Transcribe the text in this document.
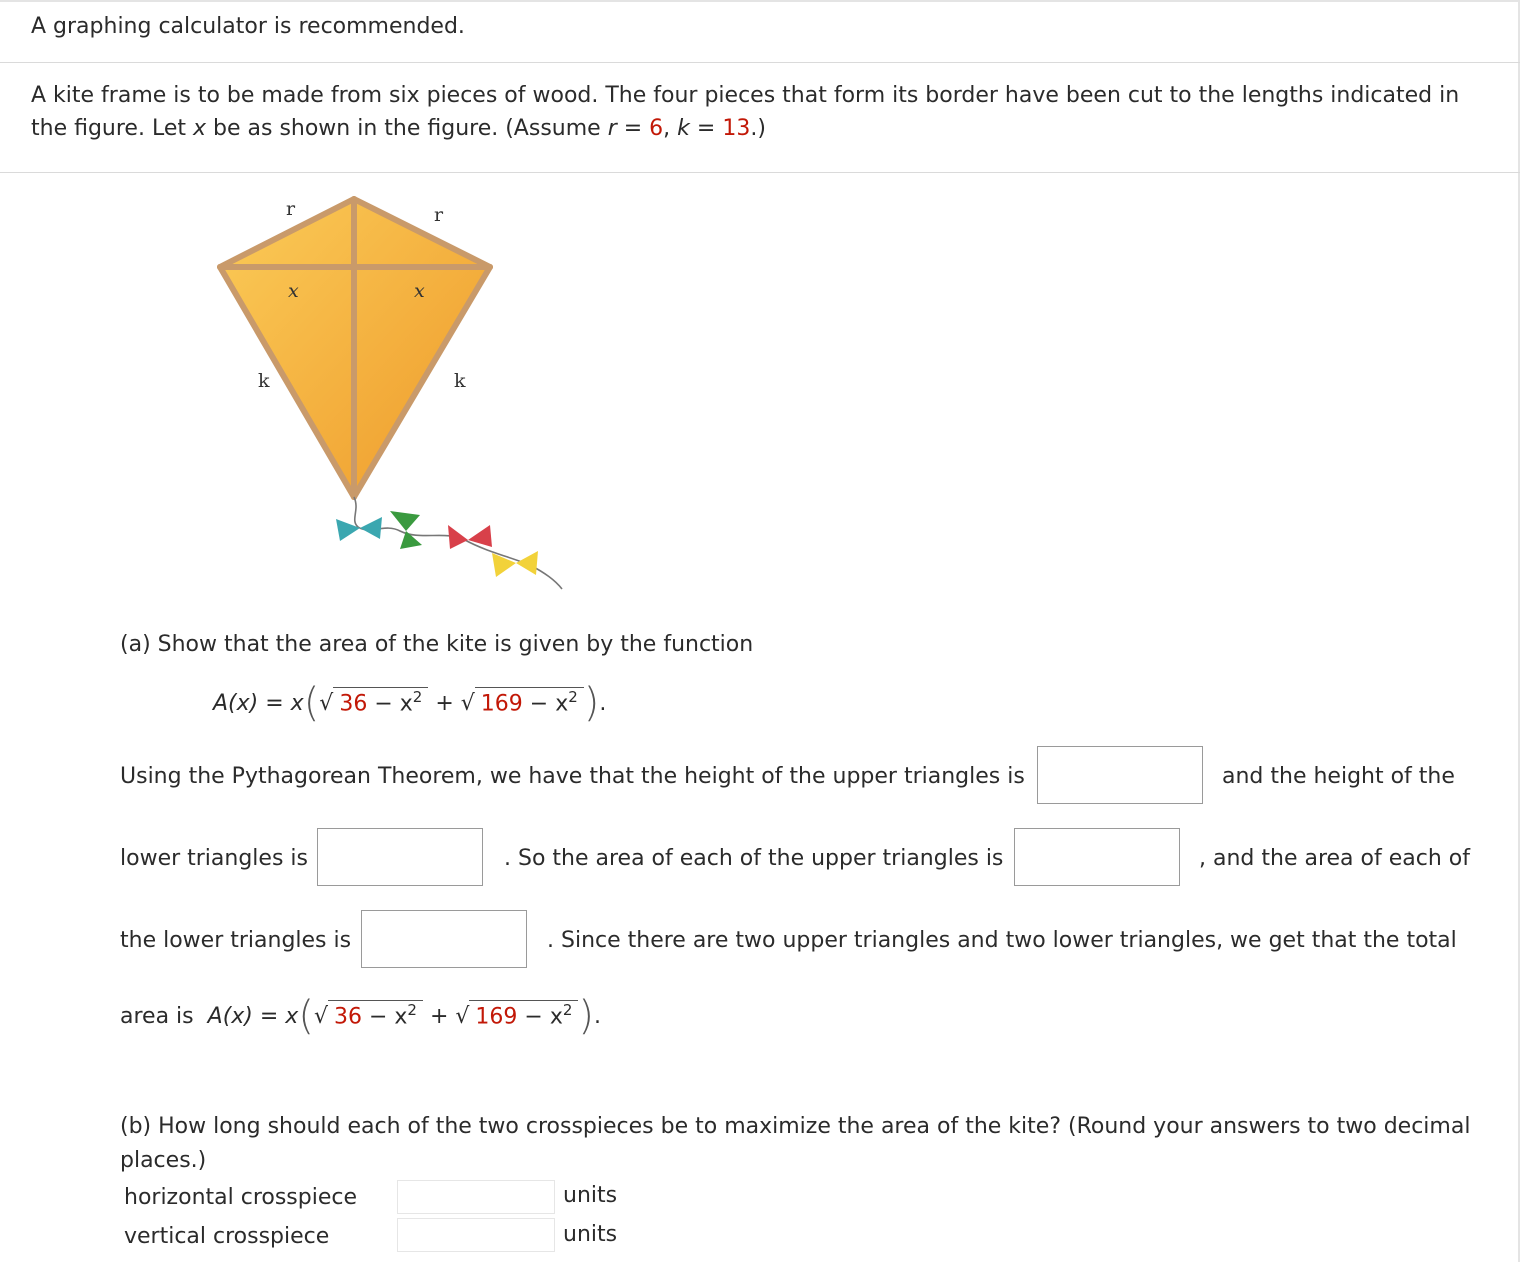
A graphing calculator is recommended.
A kite frame is to be made from six pieces of wood. The four pieces that form its border have been cut to the lengths indicated in
the figure. Let x be as shown in the figure. (Assume r = 6, k = 13.)
r	r
x	x
k	k
(a) Show that the area of the kite is given by the function
A(x) = x(√ $36 - x^2$ + √ $169 - x^2$ ).
Using the Pythagorean Theorem, we have that the height of the upper triangles is	and the height of the
lower triangles is	. So the area of each of the upper triangles is	, and the area of each of
the lower triangles is	. Since there are two upper triangles and two lower triangles, we get that the total
area is A(x) = x(√ $36 - x^2$ + √ $169 - x^2$ ).
(b) How long should each of the two crosspieces be to maximize the area of the kite? (Round your answers to two decimal
places.)
horizontal crosspiece	units
vertical crosspiece	units
